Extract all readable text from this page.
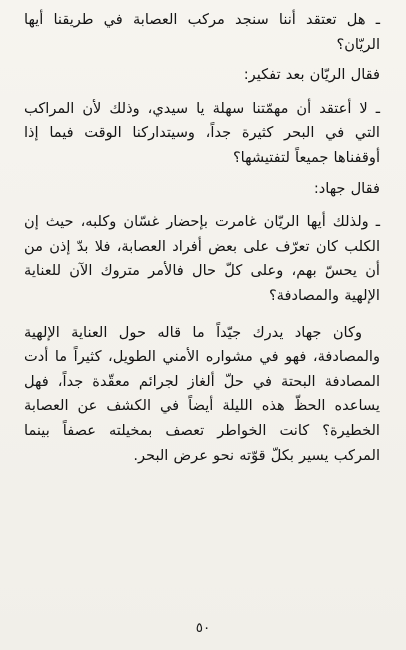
ـ هل تعتقد أننا سنجد مركب العصابة في طريقنا أيها الريّان؟

فقال الريّان بعد تفكير:

ـ لا أعتقد أن مهمّتنا سهلة يا سيدي، وذلك لأن المراكب التي في البحر كثيرة جداً، وسيتداركنا الوقت فيما إذا أوقفناها جميعاً لتفتيشها؟

فقال جهاد:

ـ ولذلك أيها الريّان غامرت بإحضار غسّان وكلبه، حيث إن الكلب كان تعرّف على بعض أفراد العصابة، فلا بدّ إذن من أن يحسّ بهم، وعلى كلّ حال فالأمر متروك الآن للعناية الإلهية والمصادفة؟

وكان جهاد يدرك جيّداً ما قاله حول العناية الإلهية والمصادفة، فهو في مشواره الأمني الطويل، كثيراً ما أدت المصادفة البحتة في حلّ ألغاز لجرائم معقّدة جداً، فهل يساعده الحظّ هذه الليلة أيضاً في الكشف عن العصابة الخطيرة؟ كانت الخواطر تعصف بمخيلته عصفاً بينما المركب يسير بكلّ قوّته نحو عرض البحر.

٥٠
